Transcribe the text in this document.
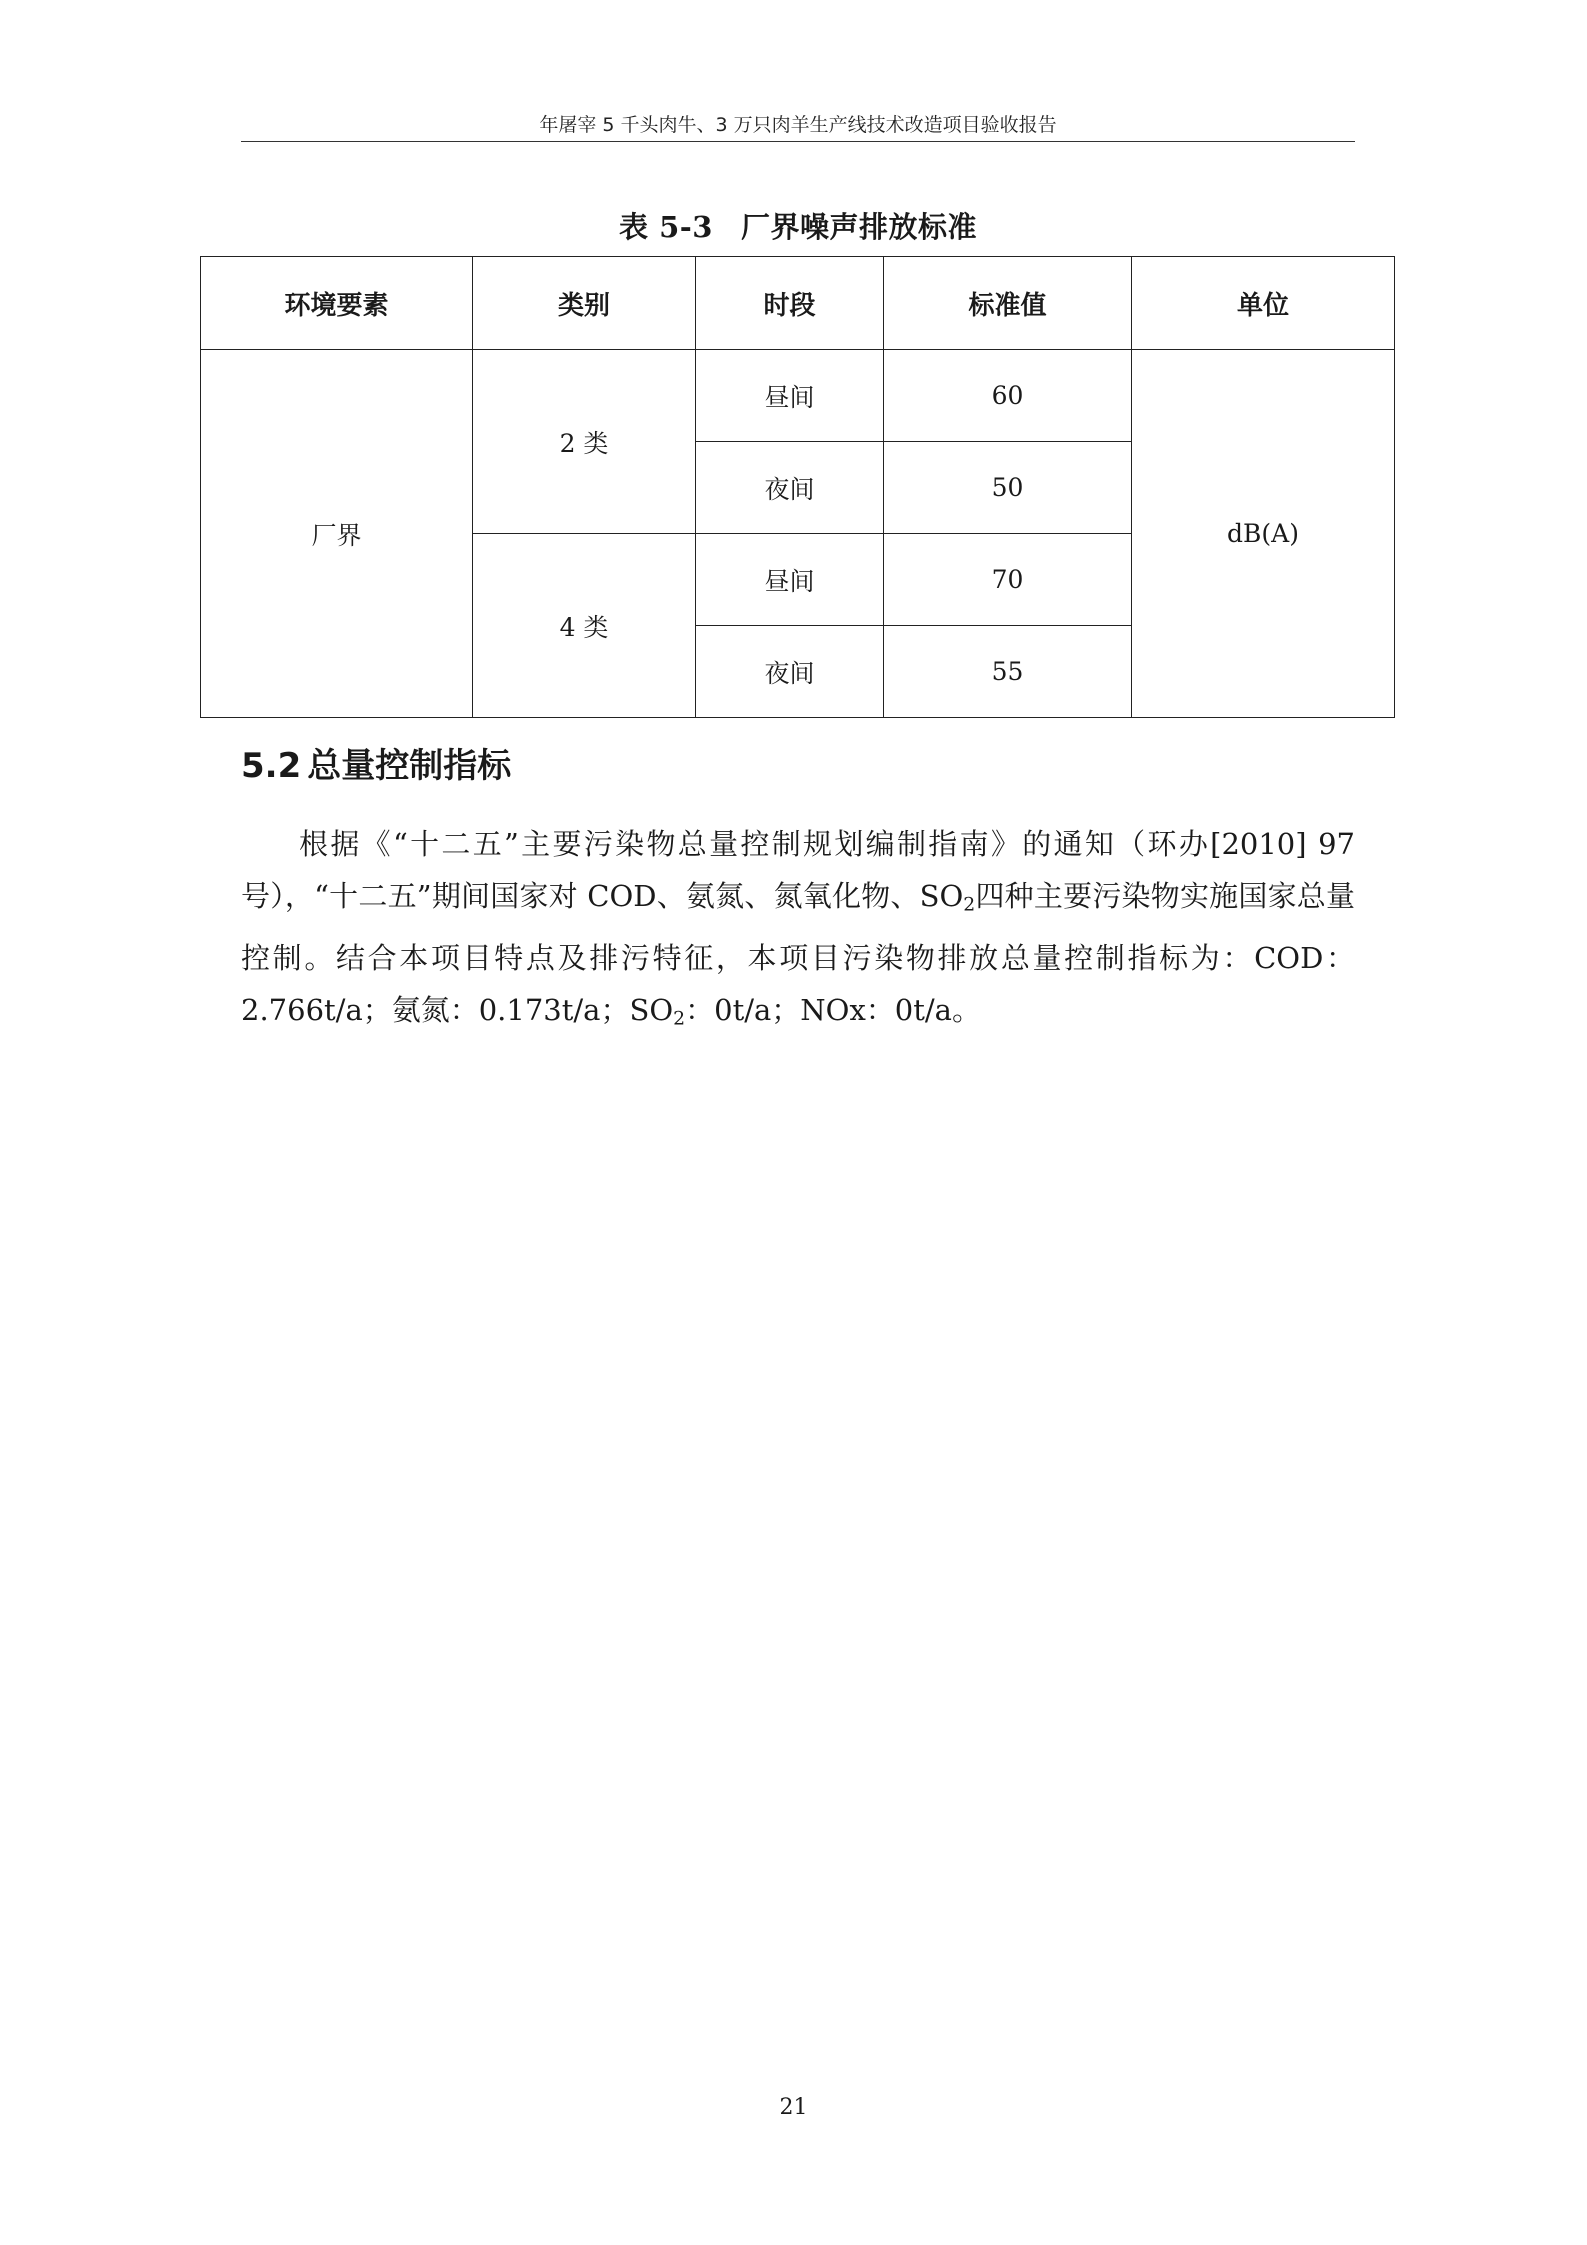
年屠宰 5 千头肉牛、3 万只肉羊生产线技术改造项目验收报告
表 5-3 厂界噪声排放标准
环境要素	类别	时段	标准值	单位
厂界	2 类	昼间	60	dB(A)
		夜间	50	
	4 类	昼间	70	
		夜间	55	
5.2 总量控制指标

根据《“十二五”主要污染物总量控制规划编制指南》的通知（环办[2010] 97 号），“十二五”期间国家对 COD、氨氮、氮氧化物、$SO_2$四种主要污染物实施国家总量控制。结合本项目特点及排污特征，本项目污染物排放总量控制指标为：COD：2.766t/a；氨氮：0.173t/a；$SO_2$：0t/a；NOx：0t/a。

21
